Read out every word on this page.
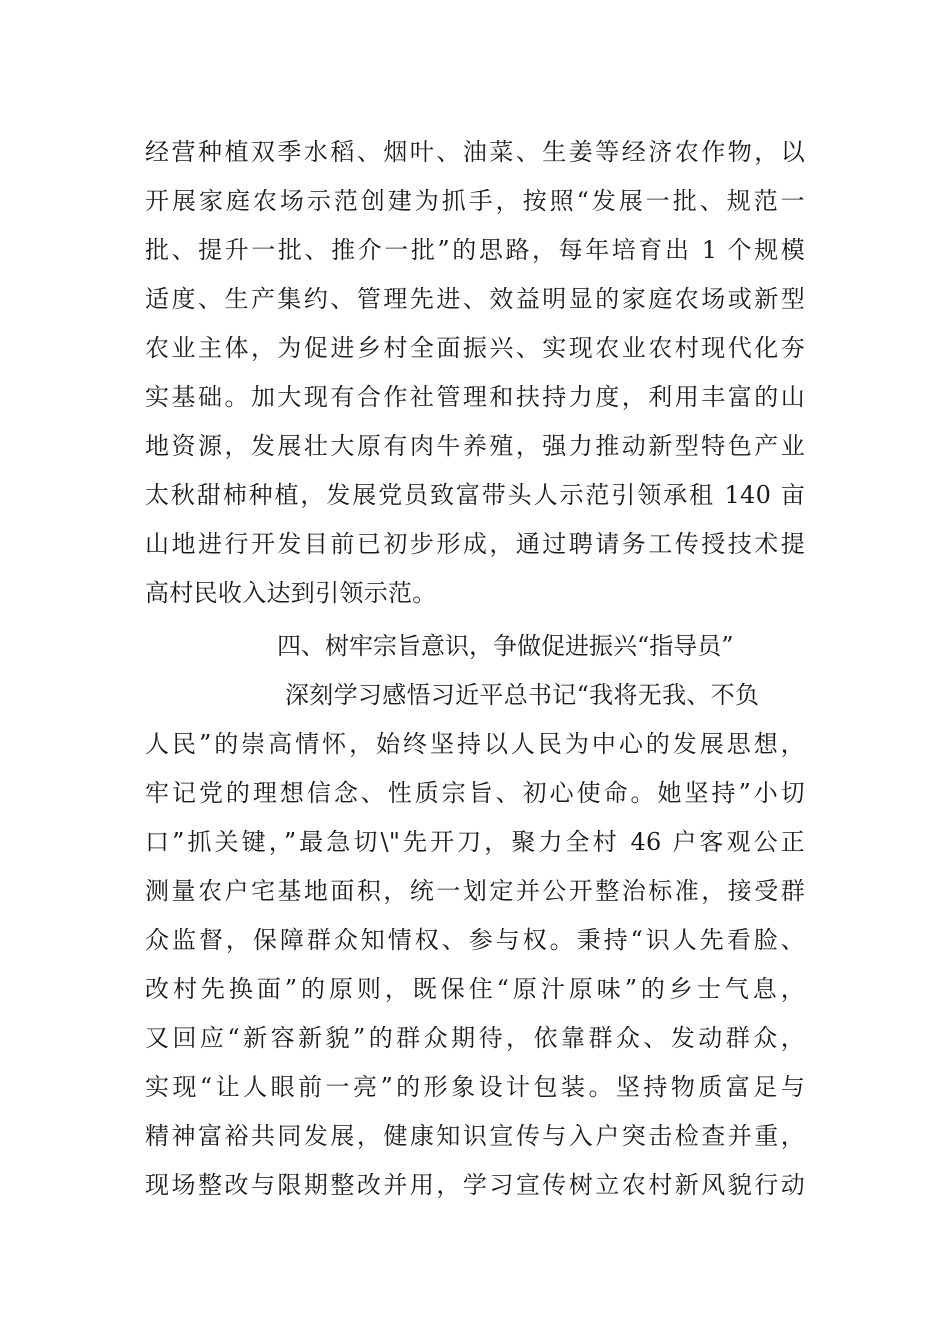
经营种植双季水稻、烟叶、油菜、生姜等经济农作物，以
开展家庭农场示范创建为抓手，按照“发展一批、规范一
批、提升一批、推介一批”的思路，每年培育出 1 个规模
适度、生产集约、管理先进、效益明显的家庭农场或新型
农业主体，为促进乡村全面振兴、实现农业农村现代化夯
实基础。加大现有合作社管理和扶持力度，利用丰富的山
地资源，发展壮大原有肉牛养殖，强力推动新型特色产业
太秋甜柿种植，发展党员致富带头人示范引领承租 140 亩
山地进行开发目前已初步形成，通过聘请务工传授技术提
高村民收入达到引领示范。
四、树牢宗旨意识，争做促进振兴“指导员”
深刻学习感悟习近平总书记“我将无我、不负
人民”的崇高情怀，始终坚持以人民为中心的发展思想，
牢记党的理想信念、性质宗旨、初心使命。她坚持”小切
口”抓关键，”最急切\"先开刀，聚力全村 46 户客观公正
测量农户宅基地面积，统一划定并公开整治标准，接受群
众监督，保障群众知情权、参与权。秉持“识人先看脸、
改村先换面”的原则，既保住“原汁原味”的乡士气息，
又回应“新容新貌”的群众期待，依靠群众、发动群众，
实现“让人眼前一亮”的形象设计包装。坚持物质富足与
精神富裕共同发展，健康知识宣传与入户突击检查并重，
现场整改与限期整改并用，学习宣传树立农村新风貌行动
